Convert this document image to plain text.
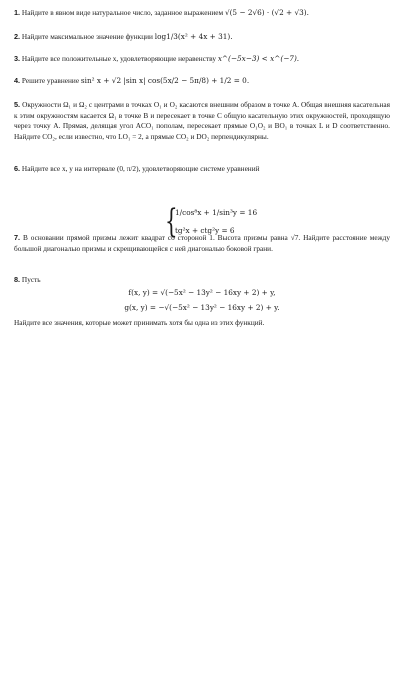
1. Найдите в явном виде натуральное число, заданное выражением √(5 − 2√6) · (√2 + √3).
2. Найдите максимальное значение функции log1/3(x² + 4x + 31).
3. Найдите все положительные x, удовлетворяющие неравенству x^(−5x−3) < x^(−7).
4. Решите уравнение sin² x + √2 |sin x| cos(5x/2 − 5π/8) + 1/2 = 0.
5. Окружности Ω₁ и Ω₂ с центрами в точках O₁ и O₂ касаются внешним образом в точке A. Общая внешняя касательная к этим окружностям касается Ω₁ в точке B и пересекает в точке C общую касательную этих окружностей, проходящую через точку A. Прямая, делящая угол ACO₁ пополам, пересекает прямые O₁O₂ и BO₁ в точках L и D соответственно. Найдите CO₂, если известно, что LO₁ = 2, а прямые CO₂ и DO₂ перпендикулярны.
6. Найдите все x, y на интервале (0, π/2), удовлетворяющие системе уравнений
{
1/cos⁸x + 1/sin³y = 16
tg²x + ctg²y = 6
7. В основании прямой призмы лежит квадрат со стороной 1. Высота призмы равна √7. Найдите расстояние между большой диагональю призмы и скрещивающейся с ней диагональю боковой грани.
8. Пусть
f(x, y) = √(−5x² − 13y² − 16xy + 2) + y,
g(x, y) = −√(−5x² − 13y² − 16xy + 2) + y.
Найдите все значения, которые может принимать хотя бы одна из этих функций.
